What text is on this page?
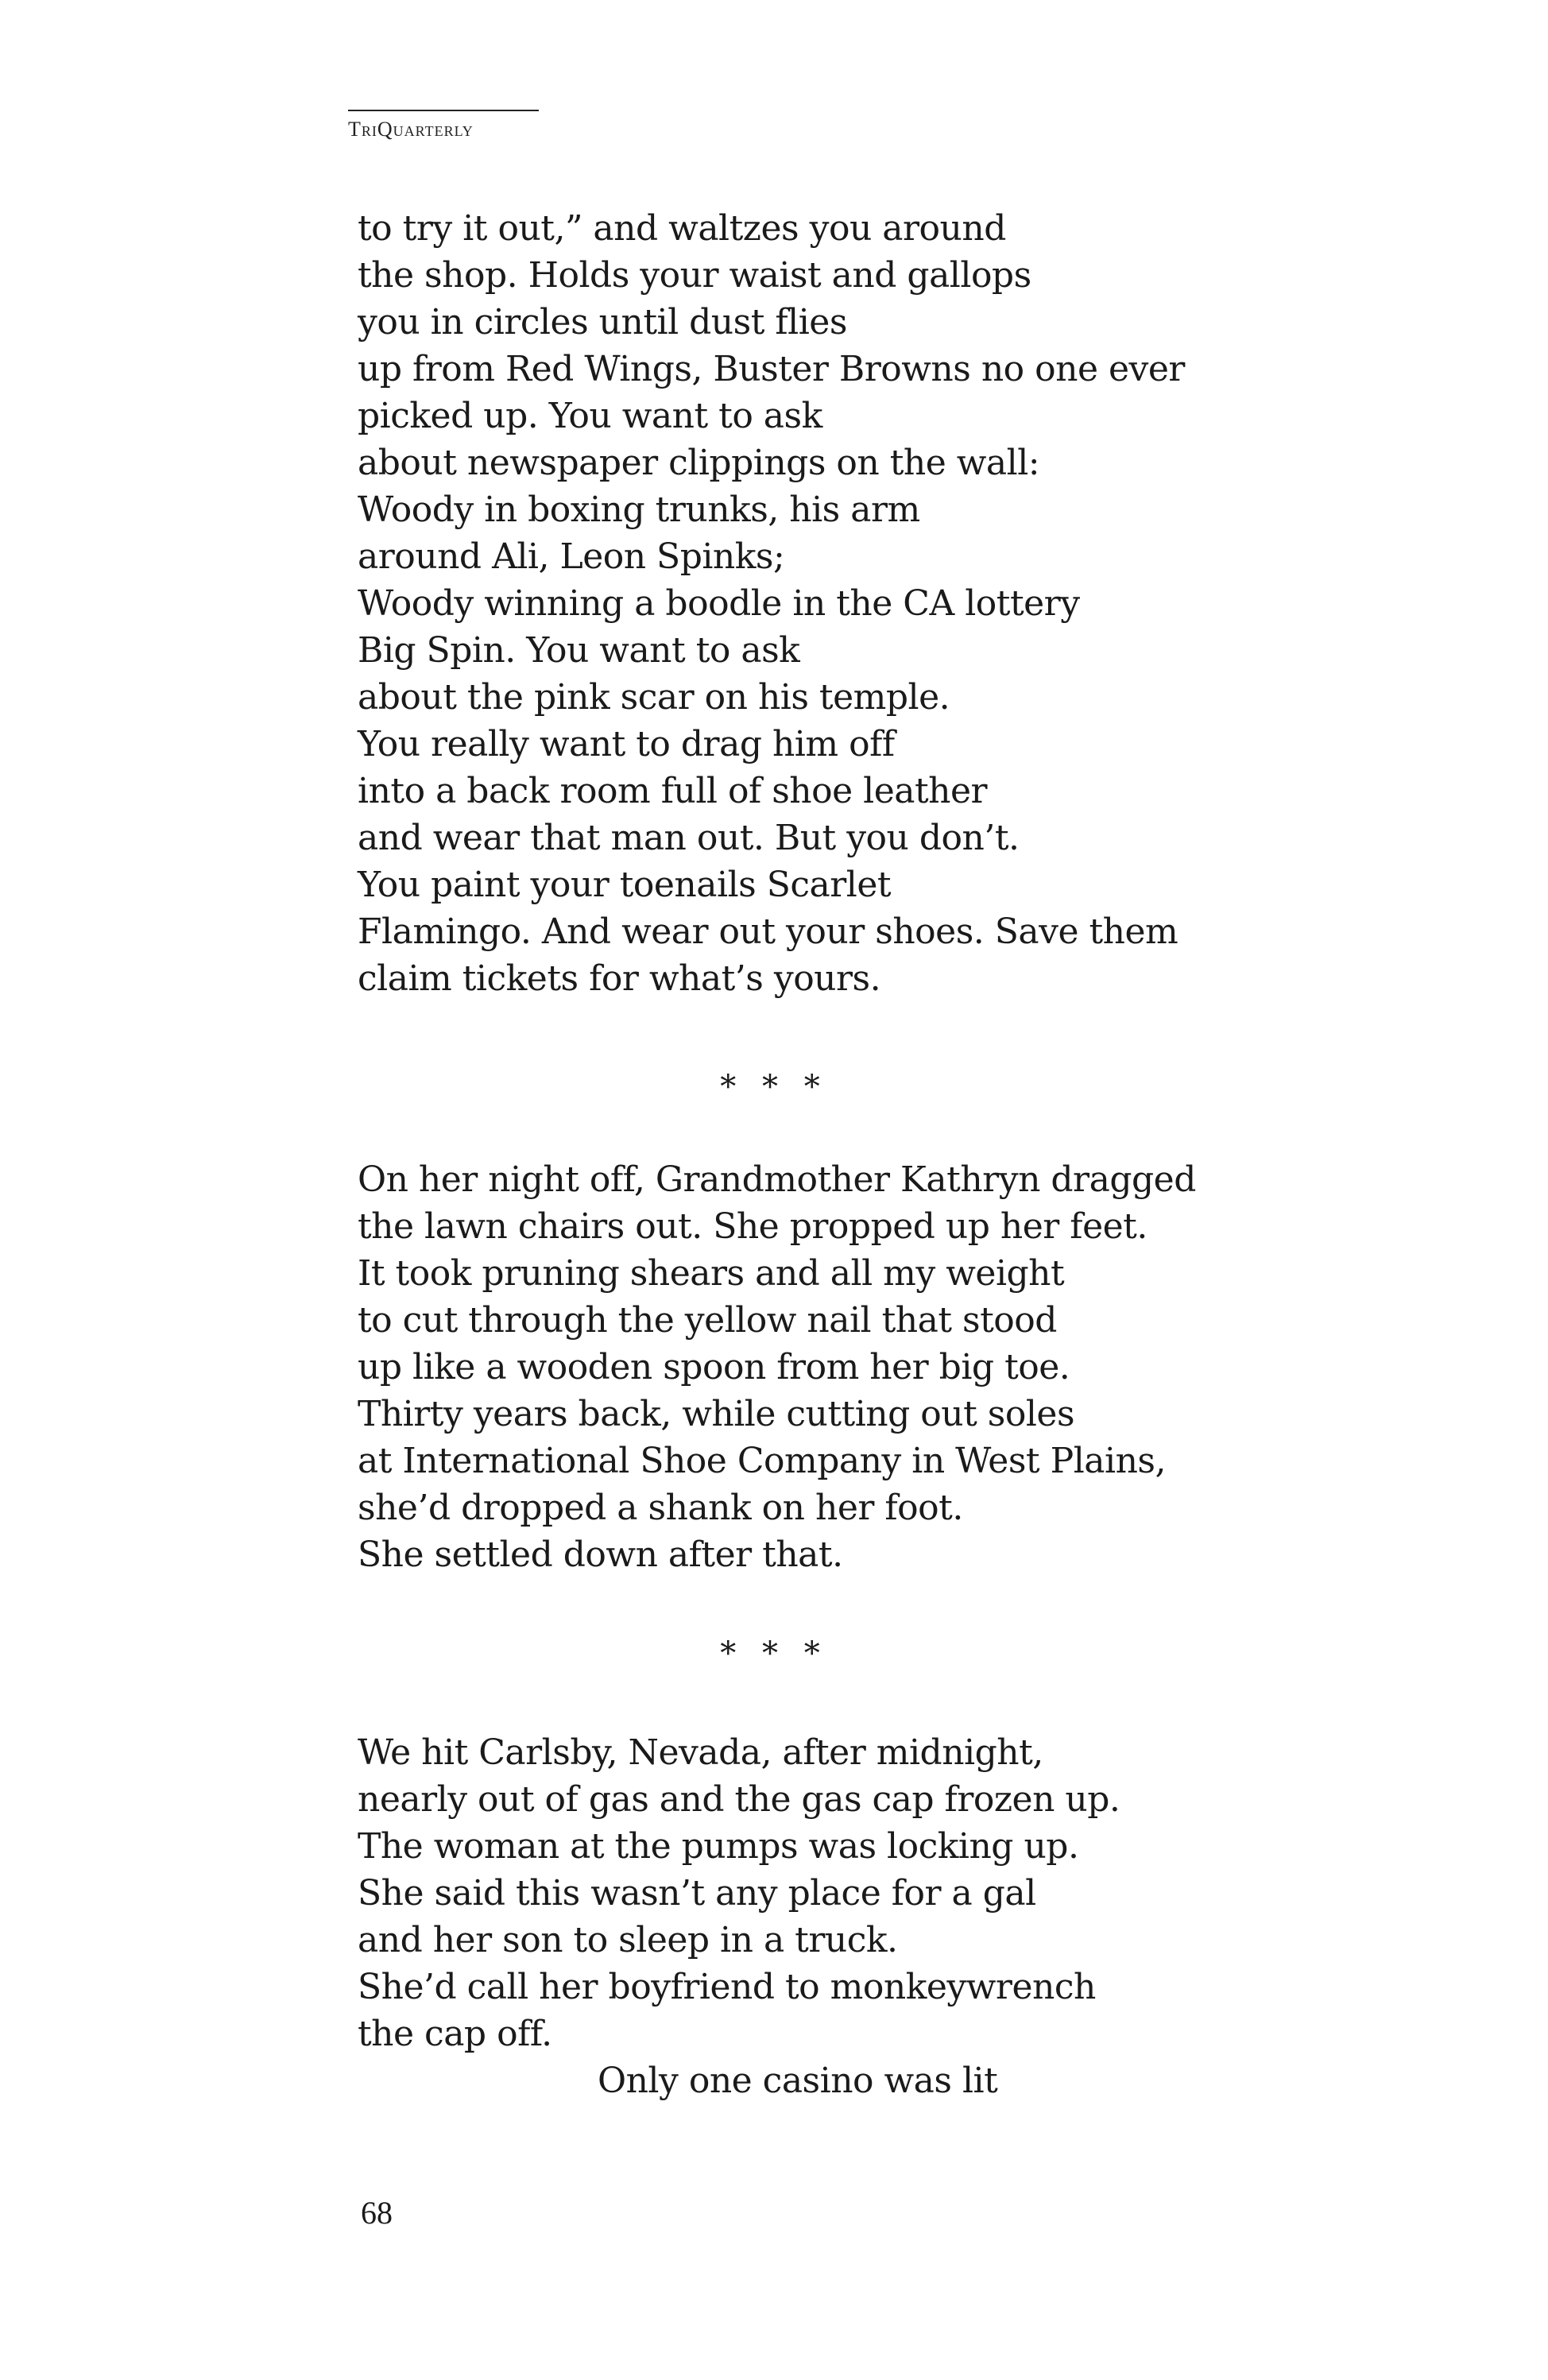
TriQuarterly
to try it out,” and waltzes you around
the shop. Holds your waist and gallops
you in circles until dust flies
up from Red Wings, Buster Browns no one ever
picked up. You want to ask
about newspaper clippings on the wall:
Woody in boxing trunks, his arm
around Ali, Leon Spinks;
Woody winning a boodle in the CA lottery
Big Spin. You want to ask
about the pink scar on his temple.
You really want to drag him off
into a back room full of shoe leather
and wear that man out. But you don’t.
You paint your toenails Scarlet
Flamingo. And wear out your shoes. Save them
claim tickets for what’s yours.
* * *
On her night off, Grandmother Kathryn dragged
the lawn chairs out. She propped up her feet.
It took pruning shears and all my weight
to cut through the yellow nail that stood
up like a wooden spoon from her big toe.
Thirty years back, while cutting out soles
at International Shoe Company in West Plains,
she’d dropped a shank on her foot.
She settled down after that.
* * *
We hit Carlsby, Nevada, after midnight,
nearly out of gas and the gas cap frozen up.
The woman at the pumps was locking up.
She said this wasn’t any place for a gal
and her son to sleep in a truck.
She’d call her boyfriend to monkeywrench
the cap off.
Only one casino was lit
68
